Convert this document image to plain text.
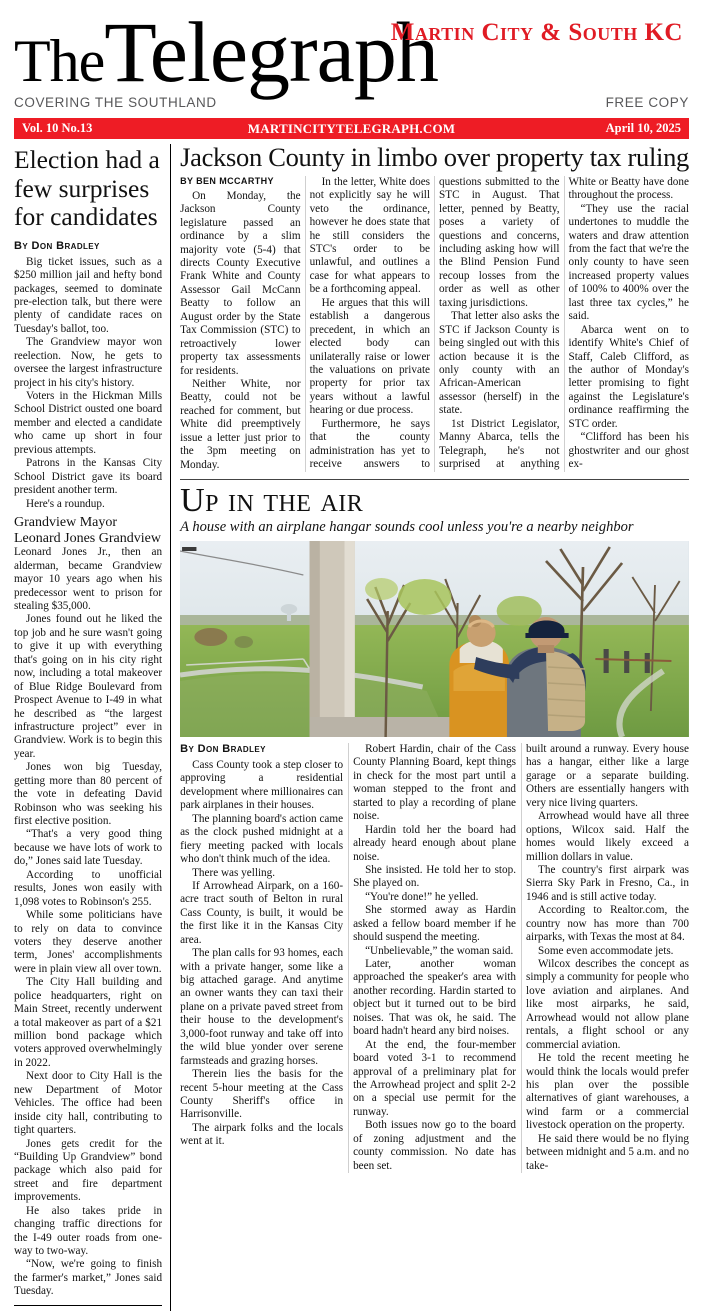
TheTelegraph
Martin City & South KC
COVERING THE SOUTHLAND	FREE COPY
Vol. 10 No.13	MARTINCITYTELEGRAPH.COM	April 10, 2025
Election had a few surprises for candidates
By Don Bradley

Big ticket issues, such as a $250 million jail and hefty bond packages, seemed to dominate pre-election talk, but there were plenty of candidate races on Tuesday's ballot, too.

The Grandview mayor won reelection. Now, he gets to oversee the largest infrastructure project in his city's history.

Voters in the Hickman Mills School District ousted one board member and elected a candidate who came up short in four previous attempts.

Patrons in the Kansas City School District gave its board president another term.

Here's a roundup.

Grandview Mayor Leonard Jones Grandview

Leonard Jones Jr., then an alderman, became Grandview mayor 10 years ago when his predecessor went to prison for stealing $35,000.

Jones found out he liked the top job and he sure wasn't going to give it up with everything that's going on in his city right now, including a total makeover of Blue Ridge Boulevard from Prospect Avenue to I-49 in what he described as “the largest infrastructure project” ever in Grandview. Work is to begin this year.

Jones won big Tuesday, getting more than 80 percent of the vote in defeating David Robinson who was seeking his first elective position.

“That's a very good thing because we have lots of work to do,” Jones said late Tuesday.

According to unofficial results, Jones won easily with 1,098 votes to Robinson's 255.

While some politicians have to rely on data to convince voters they deserve another term, Jones' accomplishments were in plain view all over town.

The City Hall building and police headquarters, right on Main Street, recently underwent a total makeover as part of a $21 million bond package which voters approved overwhelmingly in 2022.

Next door to City Hall is the new Department of Motor Vehicles. The office had been inside city hall, contributing to tight quarters.

Jones gets credit for the “Building Up Grandview” bond package which also paid for street and fire department improvements.

He also takes pride in changing traffic directions for the I-49 outer roads from one-way to two-way.

“Now, we're going to finish the farmer's market,” Jones said Tuesday.

Jackson County in limbo over property tax ruling
BY BEN MCCARTHY

On Monday, the Jackson County legislature passed an ordinance by a slim majority vote (5-4) that directs County Executive Frank White and County Assessor Gail McCann Beatty to follow an August order by the State Tax Commission (STC) to retroactively lower property tax assessments for residents.

Neither White, nor Beatty, could not be reached for comment, but White did preemptively issue a letter just prior to the 3pm meeting on Monday.

In the letter, White does not explicitly say he will veto the ordinance, however he does state that he still considers the STC's order to be unlawful, and outlines a case for what appears to be a forthcoming appeal.

He argues that this will establish a dangerous precedent, in which an elected body can unilaterally raise or lower the valuations on private property for prior tax years without a lawful hearing or due process.

Furthermore, he says that the county administration has yet to receive answers to questions submitted to the STC in August. That letter, penned by Beatty, poses a variety of questions and concerns, including asking how will the Blind Pension Fund recoup losses from the order as well as other taxing jurisdictions.

That letter also asks the STC if Jackson County is being singled out with this action because it is the only county with an African-American assessor (herself) in the state.

1st District Legislator, Manny Abarca, tells the Telegraph, he's not surprised at anything White or Beatty have done throughout the process.

“They use the racial undertones to muddle the waters and draw attention from the fact that we're the only county to have seen increased property values of 100% to 400% over the last three tax cycles,” he said.

Abarca went on to identify White's Chief of Staff, Caleb Clifford, as the author of Monday's letter promising to fight against the Legislature's ordinance reaffirming the STC order.

“Clifford has been his ghostwriter and our ghost ex-

Up in the air
A house with an airplane hangar sounds cool unless you're a nearby neighbor
By Don Bradley

Cass County took a step closer to approving a residential development where millionaires can park airplanes in their houses.

The planning board's action came as the clock pushed midnight at a fiery meeting packed with locals who don't think much of the idea.

There was yelling.

If Arrowhead Airpark, on a 160-acre tract south of Belton in rural Cass County, is built, it would be the first like it in the Kansas City area.

The plan calls for 93 homes, each with a private hanger, some like a big attached garage. And anytime an owner wants they can taxi their plane on a private paved street from their house to the development's 3,000-foot runway and take off into the wild blue yonder over serene farmsteads and grazing horses.

Therein lies the basis for the recent 5-hour meeting at the Cass County Sheriff's office in Harrisonville.

The airpark folks and the locals went at it.

Robert Hardin, chair of the Cass County Planning Board, kept things in check for the most part until a woman stepped to the front and started to play a recording of plane noise.

Hardin told her the board had already heard enough about plane noise.

She insisted. He told her to stop. She played on.

“You're done!” he yelled.

She stormed away as Hardin asked a fellow board member if he should suspend the meeting.

“Unbelievable,” the woman said.

Later, another woman approached the speaker's area with another recording. Hardin started to object but it turned out to be bird noises. That was ok, he said. The board hadn't heard any bird noises.

At the end, the four-member board voted 3-1 to recommend approval of a preliminary plat for the Arrowhead project and split 2-2 on a special use permit for the runway.

Both issues now go to the board of zoning adjustment and the county commission. No date has been set.

built around a runway. Every house has a hangar, either like a large garage or a separate building. Others are essentially hangers with very nice living quarters.

Arrowhead would have all three options, Wilcox said. Half the homes would likely exceed a million dollars in value.

The country's first airpark was Sierra Sky Park in Fresno, Ca., in 1946 and is still active today.

According to Realtor.com, the country now has more than 700 airparks, with Texas the most at 84.

Some even accommodate jets.

Wilcox describes the concept as simply a community for people who love aviation and airplanes. And like most airparks, he said, Arrowhead would not allow plane rentals, a flight school or any commercial aviation.

He told the recent meeting he would think the locals would prefer his plan over the possible alternatives of giant warehouses, a wind farm or a commercial livestock operation on the property.

He said there would be no flying between midnight and 5 a.m. and no take-
